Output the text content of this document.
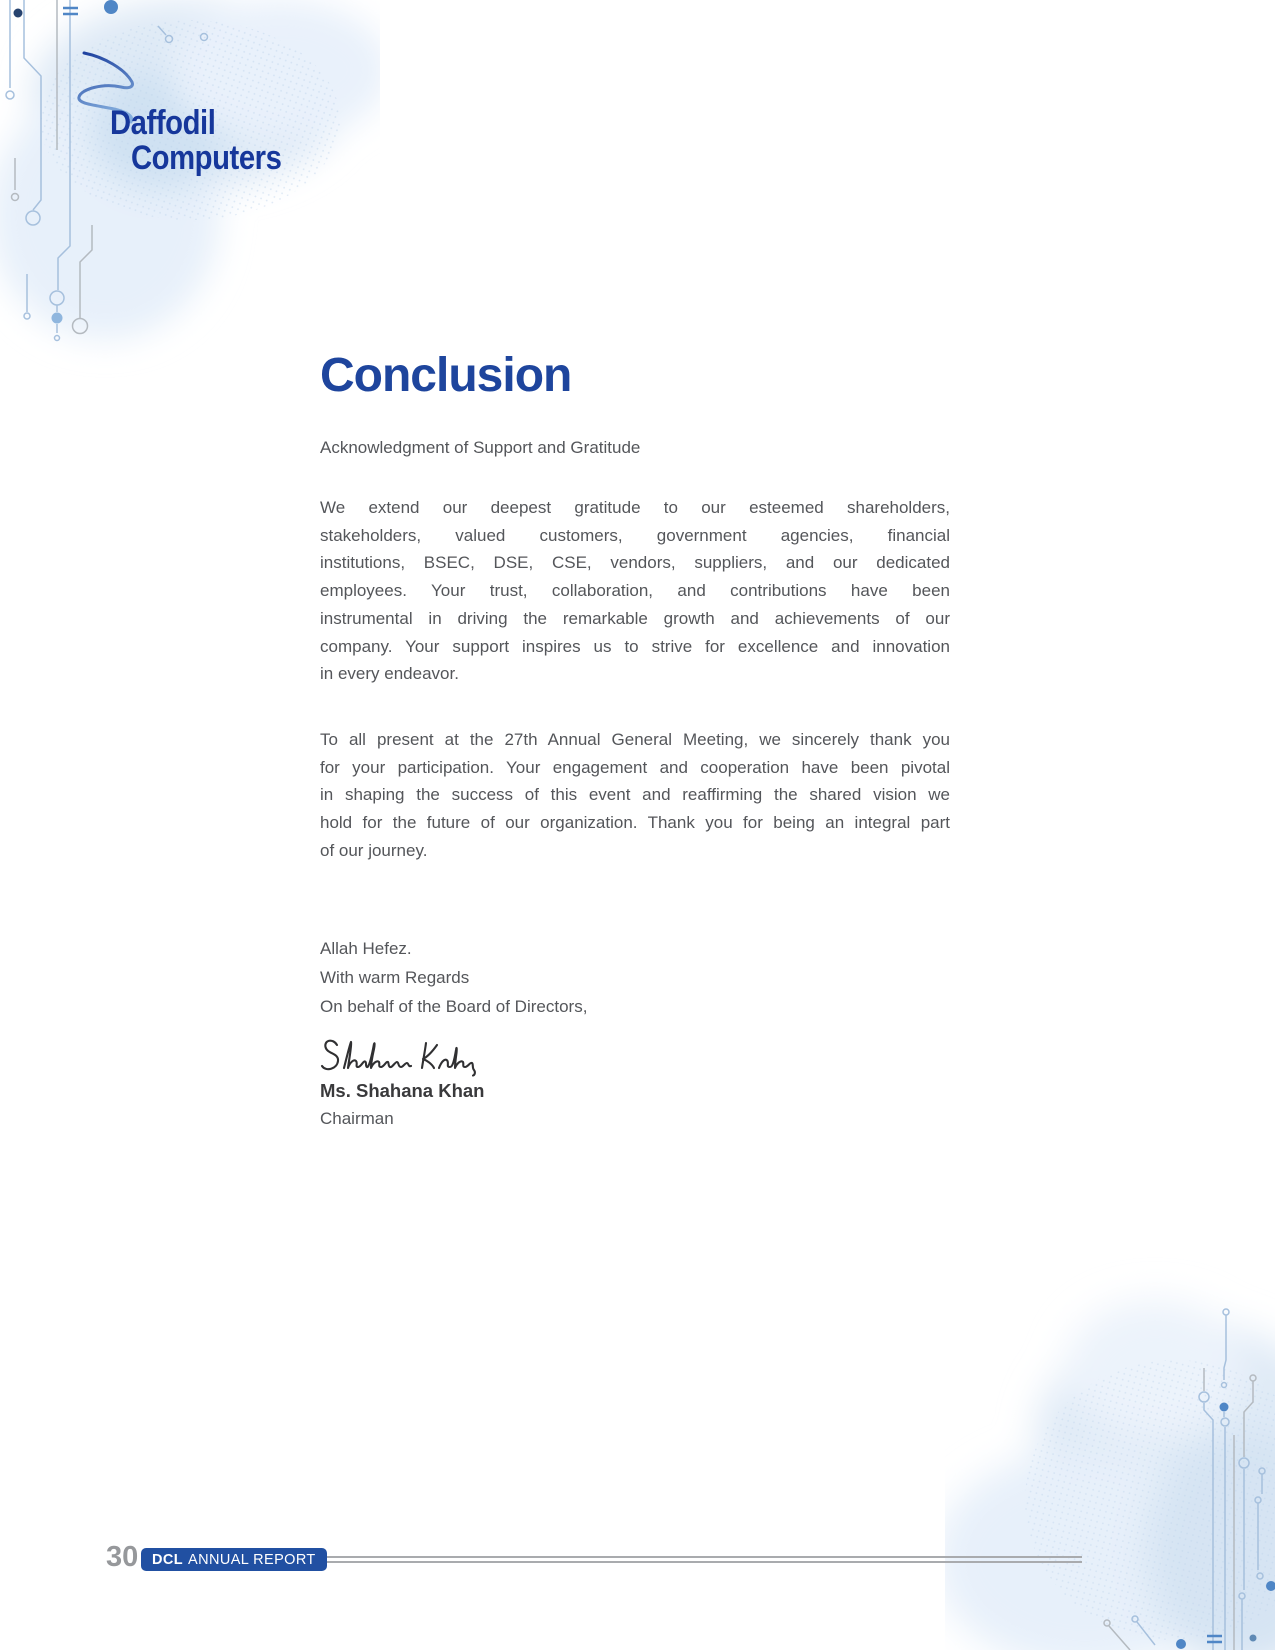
Daffodil
Computers
Conclusion
Acknowledgment of Support and Gratitude
We extend our deepest gratitude to our esteemed shareholders,
stakeholders, valued customers, government agencies, financial
institutions, BSEC, DSE, CSE, vendors, suppliers, and our dedicated
employees. Your trust, collaboration, and contributions have been
instrumental in driving the remarkable growth and achievements of our
company. Your support inspires us to strive for excellence and innovation
in every endeavor.
To all present at the 27th Annual General Meeting, we sincerely thank you
for your participation. Your engagement and cooperation have been pivotal
in shaping the success of this event and reaffirming the shared vision we
hold for the future of our organization. Thank you for being an integral part
of our journey.
Allah Hefez.
With warm Regards
On behalf of the Board of Directors,
Ms. Shahana Khan
Chairman
30 DCL ANNUAL REPORT
